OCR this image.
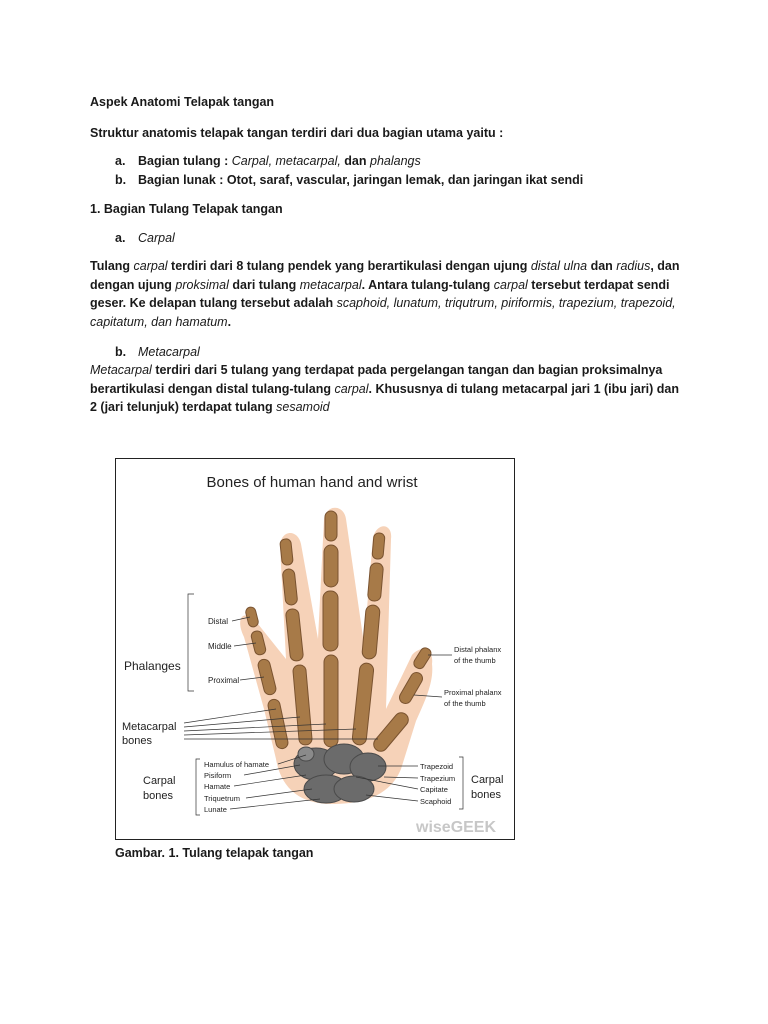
Aspek Anatomi Telapak tangan

Struktur anatomis telapak tangan terdiri dari dua bagian utama yaitu :

a. Bagian tulang : Carpal, metacarpal, dan phalangs
b. Bagian lunak : Otot, saraf, vascular, jaringan lemak, dan jaringan ikat sendi

1. Bagian Tulang Telapak tangan

a. Carpal

Tulang carpal terdiri dari 8 tulang pendek yang berartikulasi dengan ujung distal ulna dan radius, dan dengan ujung proksimal dari tulang metacarpal. Antara tulang-tulang carpal tersebut terdapat sendi geser. Ke delapan tulang tersebut adalah scaphoid, lunatum, triqutrum, piriformis, trapezium, trapezoid, capitatum, dan hamatum.

b. Metacarpal

Metacarpal terdiri dari 5 tulang yang terdapat pada pergelangan tangan dan bagian proksimalnya berartikulasi dengan distal tulang-tulang carpal. Khususnya di tulang metacarpal jari 1 (ibu jari) dan 2 (jari telunjuk) terdapat tulang sesamoid

Bones of human hand and wrist
Phalanges
Distal
Middle
Proximal
Metacarpal
bones
Carpal
bones
Hamulus of hamate
Pisiform
Hamate
Triquetrum
Lunate
Distal phalanx
of the thumb
Proximal phalanx
of the thumb
Trapezoid
Trapezium
Capitate
Scaphoid
Carpal
bones
wiseGEEK
Gambar. 1. Tulang telapak tangan
